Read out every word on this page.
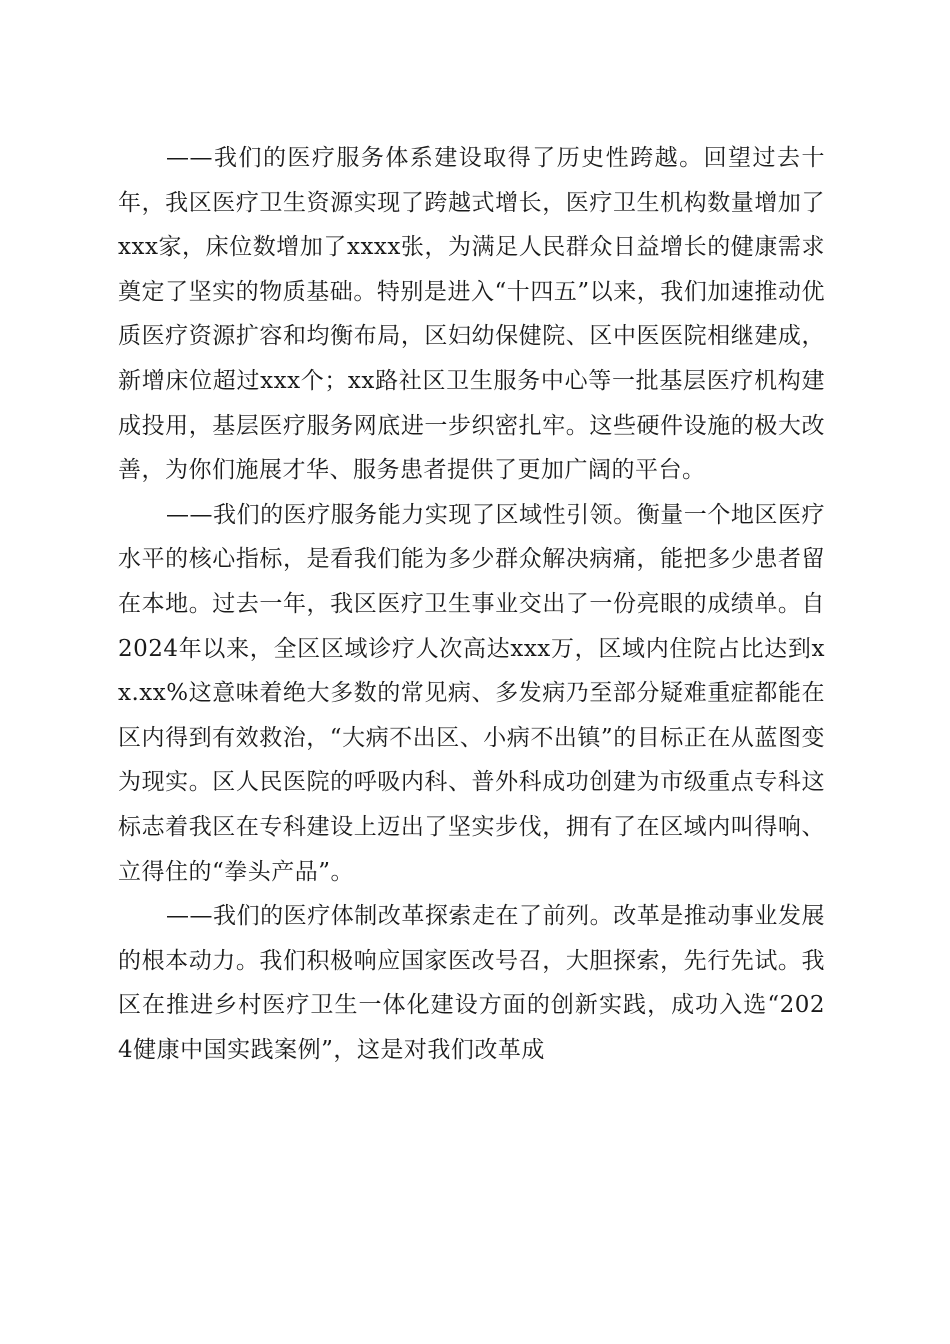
——我们的医疗服务体系建设取得了历史性跨越。回望过去十年，我区医疗卫生资源实现了跨越式增长，医疗卫生机构数量增加了xxx家，床位数增加了xxxx张，为满足人民群众日益增长的健康需求奠定了坚实的物质基础。特别是进入“十四五”以来，我们加速推动优质医疗资源扩容和均衡布局，区妇幼保健院、区中医医院相继建成，新增床位超过xxx个；xx路社区卫生服务中心等一批基层医疗机构建成投用，基层医疗服务网底进一步织密扎牢。这些硬件设施的极大改善，为你们施展才华、服务患者提供了更加广阔的平台。

——我们的医疗服务能力实现了区域性引领。衡量一个地区医疗水平的核心指标，是看我们能为多少群众解决病痛，能把多少患者留在本地。过去一年，我区医疗卫生事业交出了一份亮眼的成绩单。自2024年以来，全区区域诊疗人次高达xxx万，区域内住院占比达到xx.xx%这意味着绝大多数的常见病、多发病乃至部分疑难重症都能在区内得到有效救治，“大病不出区、小病不出镇”的目标正在从蓝图变为现实。区人民医院的呼吸内科、普外科成功创建为市级重点专科这标志着我区在专科建设上迈出了坚实步伐，拥有了在区域内叫得响、立得住的“拳头产品”。

——我们的医疗体制改革探索走在了前列。改革是推动事业发展的根本动力。我们积极响应国家医改号召，大胆探索，先行先试。我区在推进乡村医疗卫生一体化建设方面的创新实践，成功入选“2024健康中国实践案例”，这是对我们改革成
